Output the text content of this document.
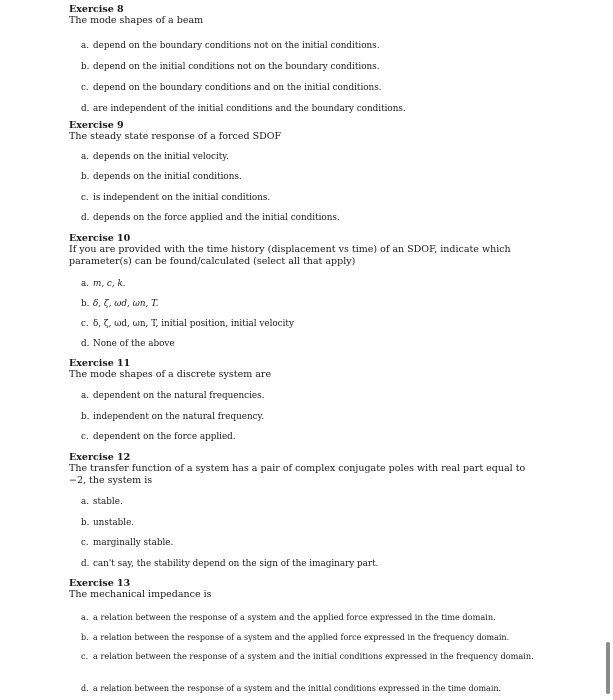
Exercise 8
The mode shapes of a beam
a. depend on the boundary conditions not on the initial conditions.
b. depend on the initial conditions not on the boundary conditions.
c. depend on the boundary conditions and on the initial conditions.
d. are independent of the initial conditions and the boundary conditions.
Exercise 9
The steady state response of a forced SDOF
a. depends on the initial velocity.
b. depends on the initial conditions.
c. is independent on the initial conditions.
d. depends on the force applied and the initial conditions.
Exercise 10
If you are provided with the time history (displacement vs time) of an SDOF, indicate which parameter(s) can be found/calculated (select all that apply)
a. m, c, k.
b. δ, ζ, ωd, ωn, T.
c. δ, ζ, ωd, ωn, T, initial position, initial velocity
d. None of the above
Exercise 11
The mode shapes of a discrete system are
a. dependent on the natural frequencies.
b. independent on the natural frequency.
c. dependent on the force applied.
Exercise 12
The transfer function of a system has a pair of complex conjugate poles with real part equal to −2, the system is
a. stable.
b. unstable.
c. marginally stable.
d. can't say, the stability depend on the sign of the imaginary part.
Exercise 13
The mechanical impedance is
a. a relation between the response of a system and the applied force expressed in the time domain.
b. a relation between the response of a system and the applied force expressed in the frequency domain.
c. a relation between the response of a system and the initial conditions expressed in the frequency domain.
d. a relation between the response of a system and the initial conditions expressed in the time domain.
